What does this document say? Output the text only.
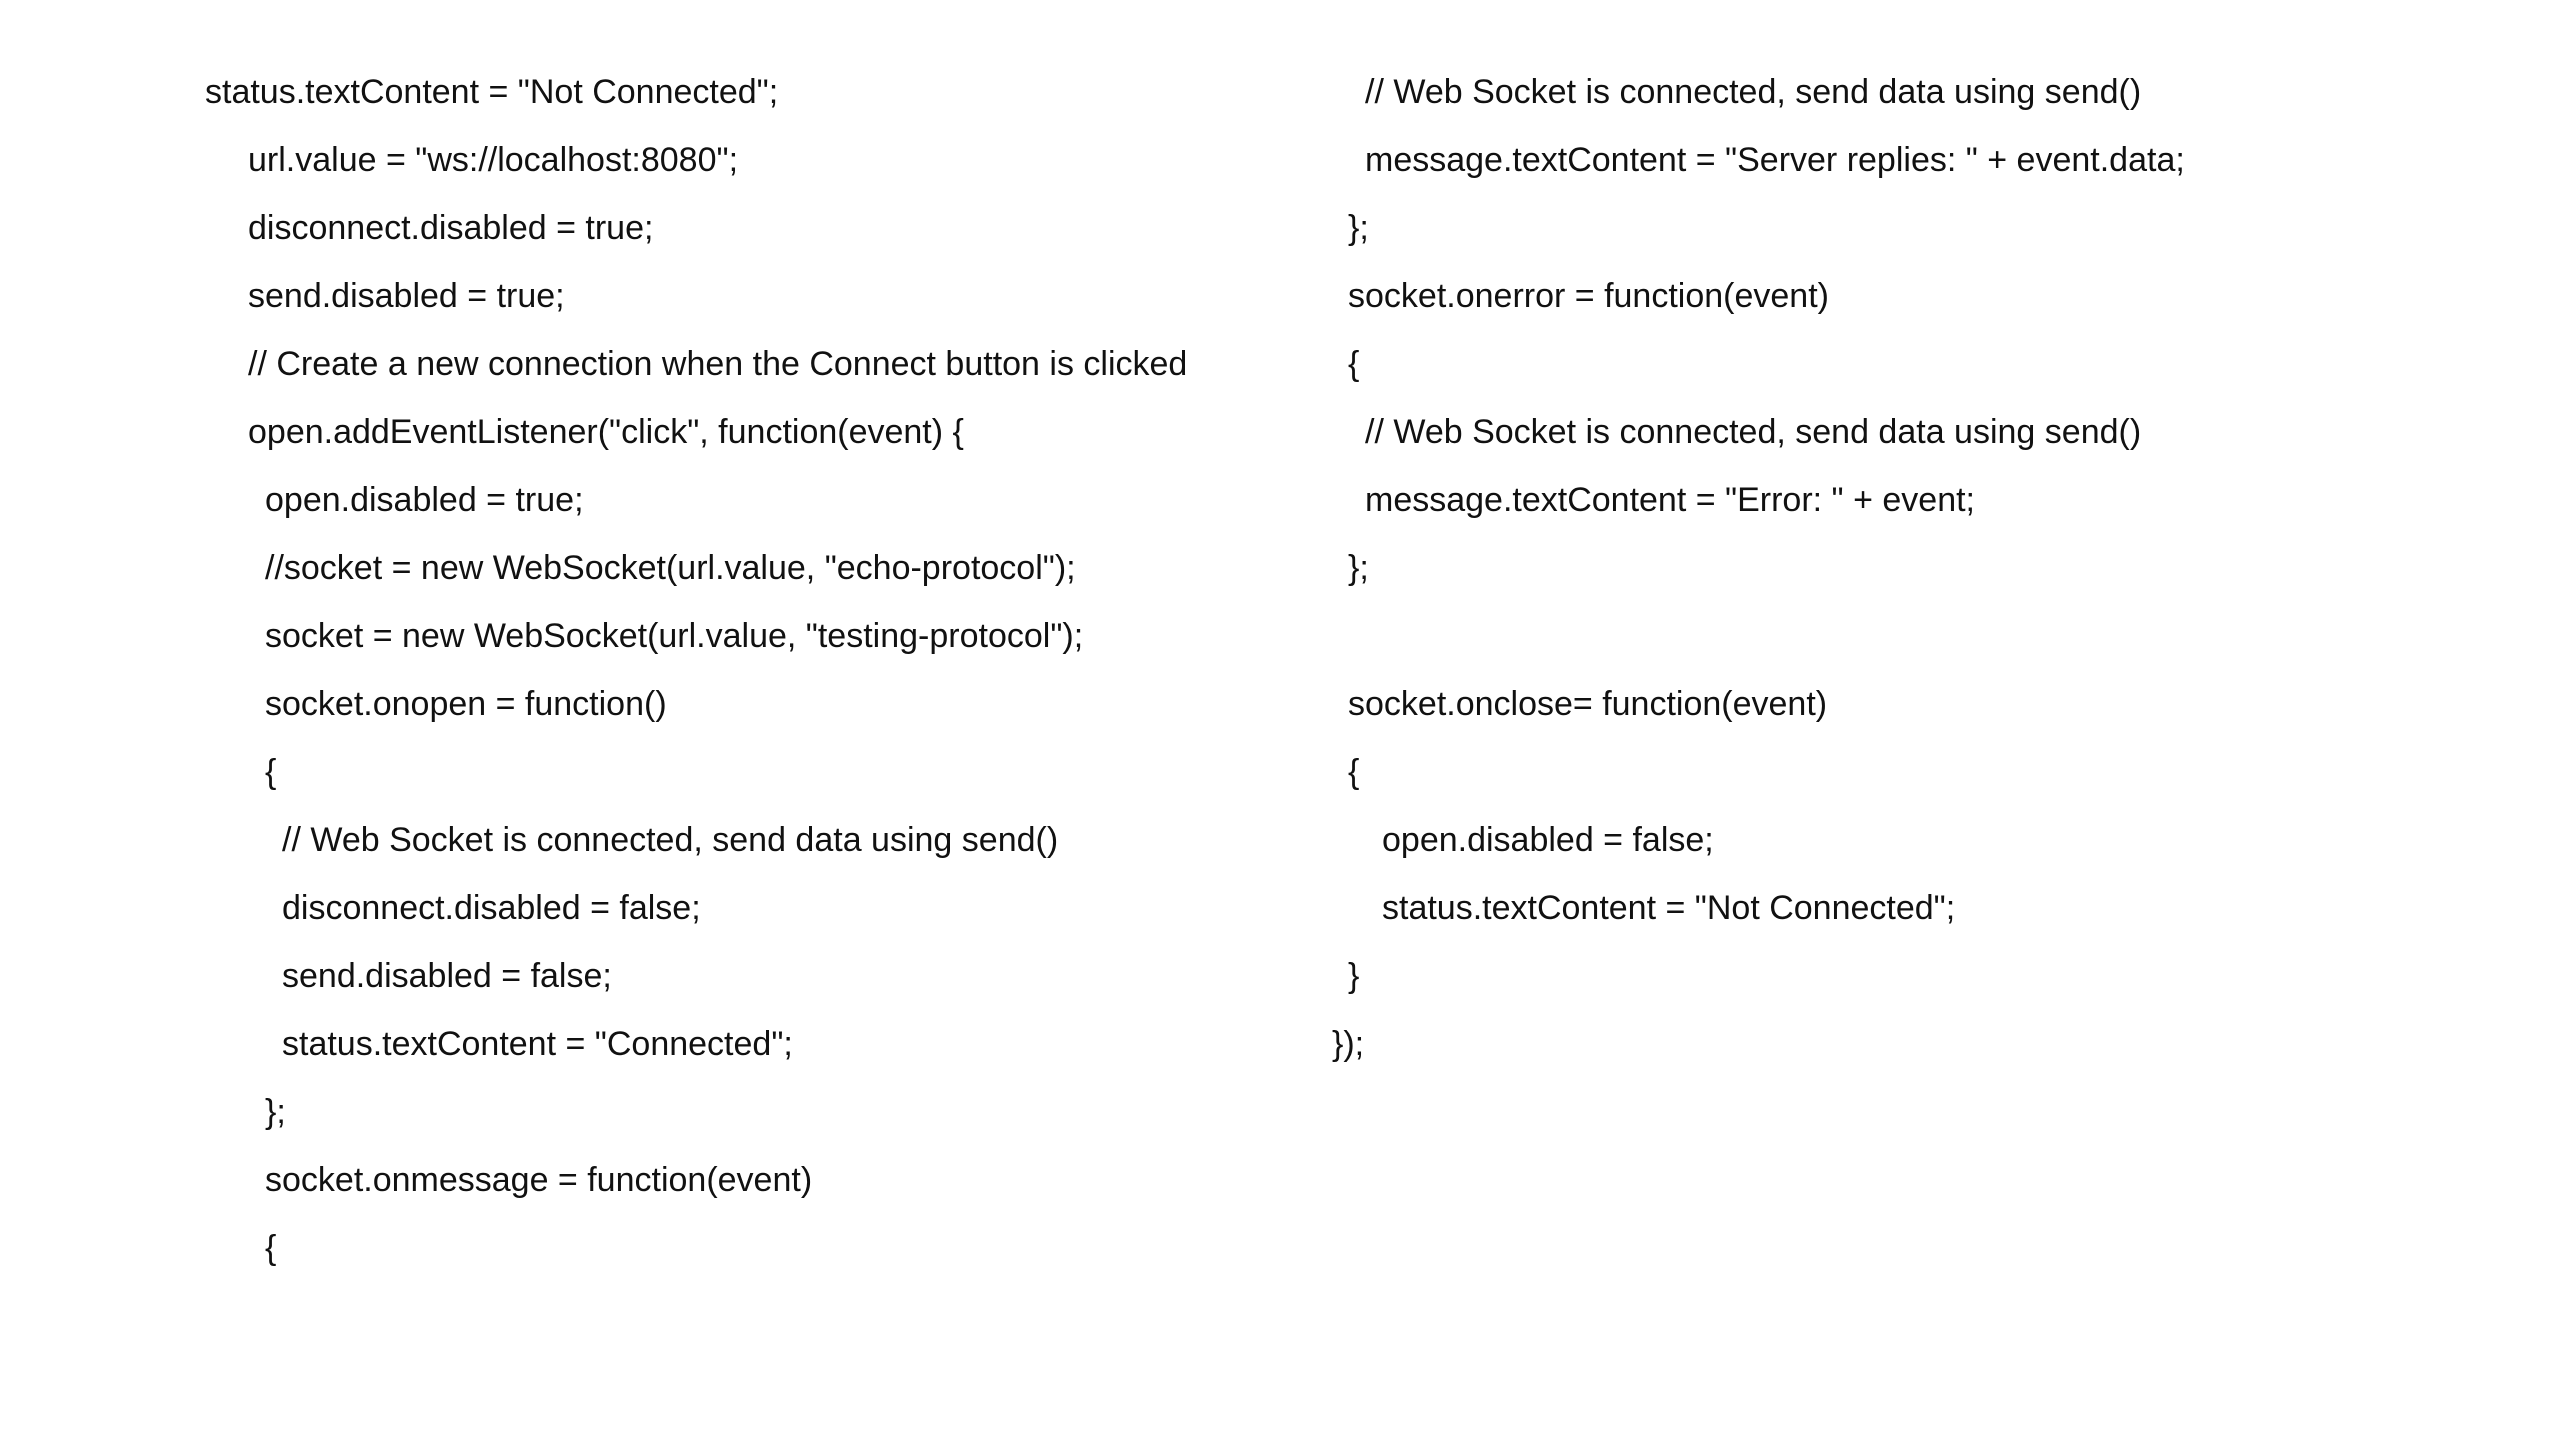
status.textContent = "Not Connected";
url.value = "ws://localhost:8080";
disconnect.disabled = true;
send.disabled = true;
// Create a new connection when the Connect button is clicked
open.addEventListener("click", function(event) {
open.disabled = true;
//socket = new WebSocket(url.value, "echo-protocol");
socket = new WebSocket(url.value, "testing-protocol");
socket.onopen = function()
{
// Web Socket is connected, send data using send()
disconnect.disabled = false;
send.disabled = false;
status.textContent = "Connected";
};
socket.onmessage = function(event)
{
// Web Socket is connected, send data using send()
message.textContent = "Server replies: " + event.data;
};
socket.onerror = function(event)
{
// Web Socket is connected, send data using send()
message.textContent = "Error: " + event;
};
socket.onclose= function(event)
{
open.disabled = false;
status.textContent = "Not Connected";
}
});
